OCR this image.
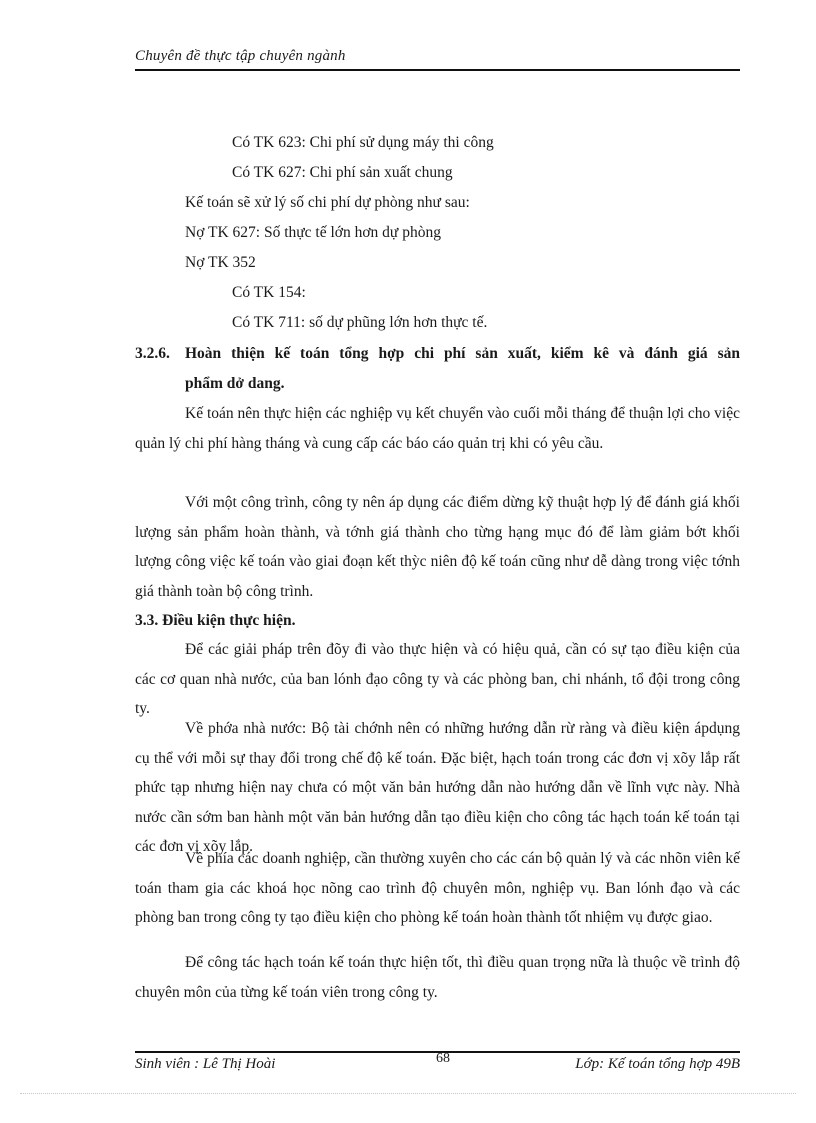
Chuyên đề thực tập chuyên ngành
Có TK 623: Chi phí sử dụng máy thi công
Có TK 627: Chi phí sản xuất chung
Kế toán sẽ xử lý số chi phí dự phòng như sau:
Nợ TK 627: Số thực tế lớn hơn dự phòng
Nợ TK 352
Có TK 154:
Có TK 711: số dự phũng lớn hơn thực tế.
3.2.6. Hoàn thiện kế toán tổng hợp chi phí sản xuất, kiểm kê và đánh giá sản
phẩm dở dang.
Kế toán nên thực hiện các nghiệp vụ kết chuyển vào cuối mỗi tháng để thuận lợi cho việc quản lý chi phí hàng tháng và cung cấp các báo cáo quản trị khi có yêu cầu.
Với một công trình, công ty nên áp dụng các điểm dừng kỹ thuật hợp lý để đánh giá khối lượng sản phẩm hoàn thành, và tớnh giá thành cho từng hạng mục đó để làm giảm bớt khối lượng công việc kế toán vào giai đoạn kết thỳc niên độ kế toán cũng như dễ dàng trong việc tớnh giá thành toàn bộ công trình.
3.3. Điều kiện thực hiện.
Để các giải pháp trên đõy đi vào thực hiện và có hiệu quả, cần có sự tạo điều kiện của các cơ quan nhà nước, của ban lónh đạo công ty và các phòng ban, chi nhánh, tổ đội trong công ty.
Về phớa nhà nước: Bộ tài chớnh nên có những hướng dẫn rừ ràng và điều kiện ápdụng cụ thể với mỗi sự thay đổi trong chế độ kế toán. Đặc biệt, hạch toán trong các đơn vị xõy lắp rất phức tạp nhưng hiện nay chưa có một văn bản hướng dẫn nào hướng dẫn về lĩnh vực này. Nhà nước cần sớm ban hành một văn bản hướng dẫn tạo điều kiện cho công tác hạch toán kế toán tại các đơn vị xõy lắp.
Về phía các doanh nghiệp, cần thường xuyên cho các cán bộ quản lý và các nhõn viên kế toán tham gia các khoá học nõng cao trình độ chuyên môn, nghiệp vụ. Ban lónh đạo và các phòng ban trong công ty tạo điều kiện cho phòng kế toán hoàn thành tốt nhiệm vụ được giao.
Để công tác hạch toán kế toán thực hiện tốt, thì điều quan trọng nữa là thuộc về trình độ chuyên môn của từng kế toán viên trong công ty.
Sinh viên : Lê Thị Hoài	68	Lớp: Kế toán tổng hợp 49B
